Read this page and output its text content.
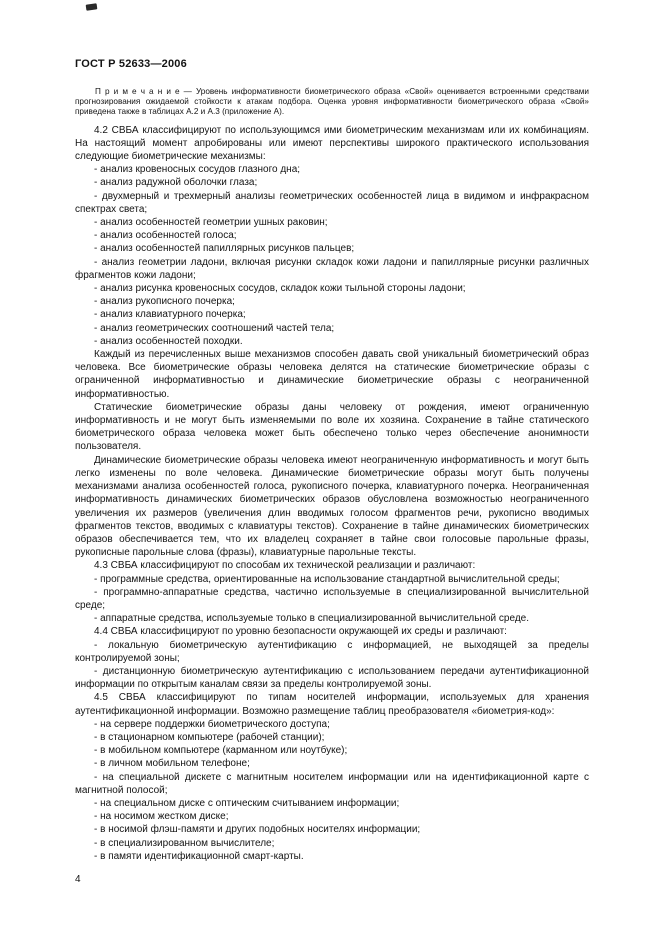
ГОСТ Р 52633—2006

П р и м е ч а н и е — Уровень информативности биометрического образа «Свой» оценивается встроенными средствами прогнозирования ожидаемой стойкости к атакам подбора. Оценка уровня информативности биометрического образа «Свой» приведена также в таблицах А.2 и А.3 (приложение А).

4.2 СВБА классифицируют по использующимся ими биометрическим механизмам или их комбинациям. На настоящий момент апробированы или имеют перспективы широкого практического использования следующие биометрические механизмы:

- анализ кровеносных сосудов глазного дна;

- анализ радужной оболочки глаза;

- двухмерный и трехмерный анализы геометрических особенностей лица в видимом и инфракрасном спектрах света;

- анализ особенностей геометрии ушных раковин;

- анализ особенностей голоса;

- анализ особенностей папиллярных рисунков пальцев;

- анализ геометрии ладони, включая рисунки складок кожи ладони и папиллярные рисунки различных фрагментов кожи ладони;

- анализ рисунка кровеносных сосудов, складок кожи тыльной стороны ладони;

- анализ рукописного почерка;

- анализ клавиатурного почерка;

- анализ геометрических соотношений частей тела;

- анализ особенностей походки.

Каждый из перечисленных выше механизмов способен давать свой уникальный биометрический образ человека. Все биометрические образы человека делятся на статические биометрические образы с ограниченной информативностью и динамические биометрические образы с неограниченной информативностью.

Статические биометрические образы даны человеку от рождения, имеют ограниченную информативность и не могут быть изменяемыми по воле их хозяина. Сохранение в тайне статического биометрического образа человека может быть обеспечено только через обеспечение анонимности пользователя.

Динамические биометрические образы человека имеют неограниченную информативность и могут быть легко изменены по воле человека. Динамические биометрические образы могут быть получены механизмами анализа особенностей голоса, рукописного почерка, клавиатурного почерка. Неограниченная информативность динамических биометрических образов обусловлена возможностью неограниченного увеличения их размеров (увеличения длин вводимых голосом фрагментов речи, рукописно вводимых фрагментов текстов, вводимых с клавиатуры текстов). Сохранение в тайне динамических биометрических образов обеспечивается тем, что их владелец сохраняет в тайне свои голосовые парольные фразы, рукописные парольные слова (фразы), клавиатурные парольные тексты.

4.3 СВБА классифицируют по способам их технической реализации и различают:

- программные средства, ориентированные на использование стандартной вычислительной среды;

- программно-аппаратные средства, частично используемые в специализированной вычислительной среде;

- аппаратные средства, используемые только в специализированной вычислительной среде.

4.4 СВБА классифицируют по уровню безопасности окружающей их среды и различают:

- локальную биометрическую аутентификацию с информацией, не выходящей за пределы контролируемой зоны;

- дистанционную биометрическую аутентификацию с использованием передачи аутентификационной информации по открытым каналам связи за пределы контролируемой зоны.

4.5 СВБА классифицируют по типам носителей информации, используемых для хранения аутентификационной информации. Возможно размещение таблиц преобразователя «биометрия-код»:

- на сервере поддержки биометрического доступа;

- в стационарном компьютере (рабочей станции);

- в мобильном компьютере (карманном или ноутбуке);

- в личном мобильном телефоне;

- на специальной дискете с магнитным носителем информации или на идентификационной карте с магнитной полосой;

- на специальном диске с оптическим считыванием информации;

- на носимом жестком диске;

- в носимой флэш-памяти и других подобных носителях информации;

- в специализированном вычислителе;

- в памяти идентификационной смарт-карты.

4
